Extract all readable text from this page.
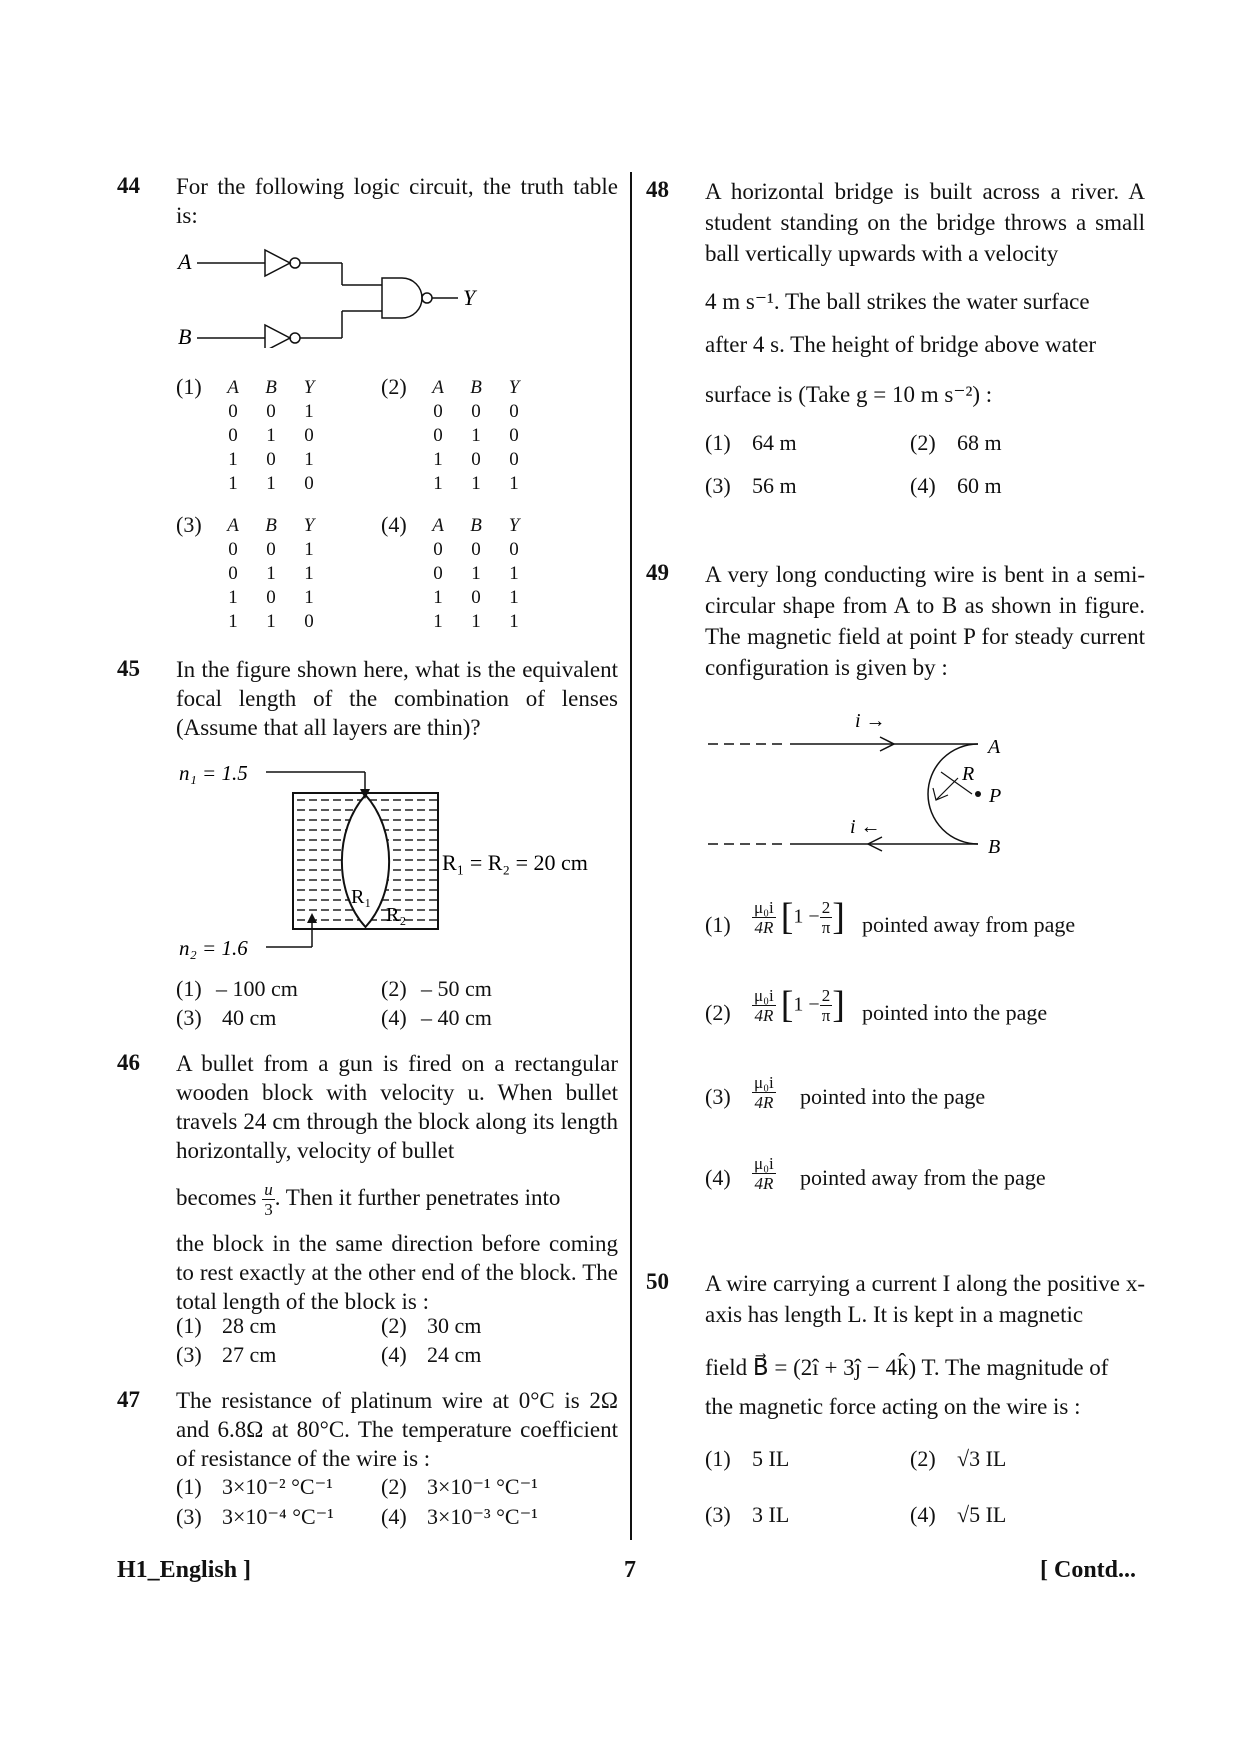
44 For the following logic circuit, the truth table is:
A
B
Y
(1) A	B	Y
0	0	1
0	1	0
1	0	1
1	1	0
(2) A	B	Y
0	0	0
0	1	0
1	0	0
1	1	1
(3) A	B	Y
0	0	1
0	1	1
1	0	1
1	1	0
(4) A	B	Y
0	0	0
0	1	1
1	0	1
1	1	1
45 In the figure shown here, what is the equivalent focal length of the combination of lenses (Assume that all layers are thin)?
n₁ = 1.5
n₂ = 1.6
R₁
R₂
R₁ = R₂ = 20 cm
(1) – 100 cm	(2) – 50 cm
(3) 40 cm	(4) – 40 cm
46 A bullet from a gun is fired on a rectangular wooden block with velocity u. When bullet travels 24 cm through the block along its length horizontally, velocity of bullet
becomes $\frac{u}{3}$ . Then it further penetrates into
the block in the same direction before coming to rest exactly at the other end of the block. The total length of the block is :
(1) 28 cm	(2) 30 cm
(3) 27 cm	(4) 24 cm
47 The resistance of platinum wire at 0°C is 2Ω and 6.8Ω at 80°C. The temperature coefficient of resistance of the wire is :
(1) 3×10⁻² °C⁻¹ (2) 3×10⁻¹ °C⁻¹
(3) 3×10⁻⁴ °C⁻¹ (4) 3×10⁻³ °C⁻¹
48 A horizontal bridge is built across a river. A student standing on the bridge throws a small ball vertically upwards with a velocity
4 m s⁻¹. The ball strikes the water surface
after 4 s. The height of bridge above water
surface is (Take g = 10 m s⁻²) :
(1) 64 m	(2) 68 m
(3) 56 m	(4) 60 m
49 A very long conducting wire is bent in a semi-circular shape from A to B as shown in figure. The magnetic field at point P for steady current configuration is given by :
i →
i ←
A
B
R
P
$(1) \frac{\text{μ₀i}}{4R} [1 - \frac{2}{\pi}$ ] pointed away from page
$(2) \frac{\text{μ₀i}}{4R} [1 - \frac{2}{\pi}$ ] pointed into the page
$(3) \frac{\text{μ₀i}}{4R}$ pointed into the page
$(4) \frac{\text{μ₀i}}{4R}$ pointed away from the page
50 A wire carrying a current I along the positive x-axis has length L. It is kept in a magnetic
field B⃗ = (2î + 3ĵ − 4k̂) T. The magnitude of
the magnetic force acting on the wire is :
(1) 5 IL	(2) √3 IL
(3) 3 IL	(4) √5 IL
H1_English ]	7	[ Contd...
